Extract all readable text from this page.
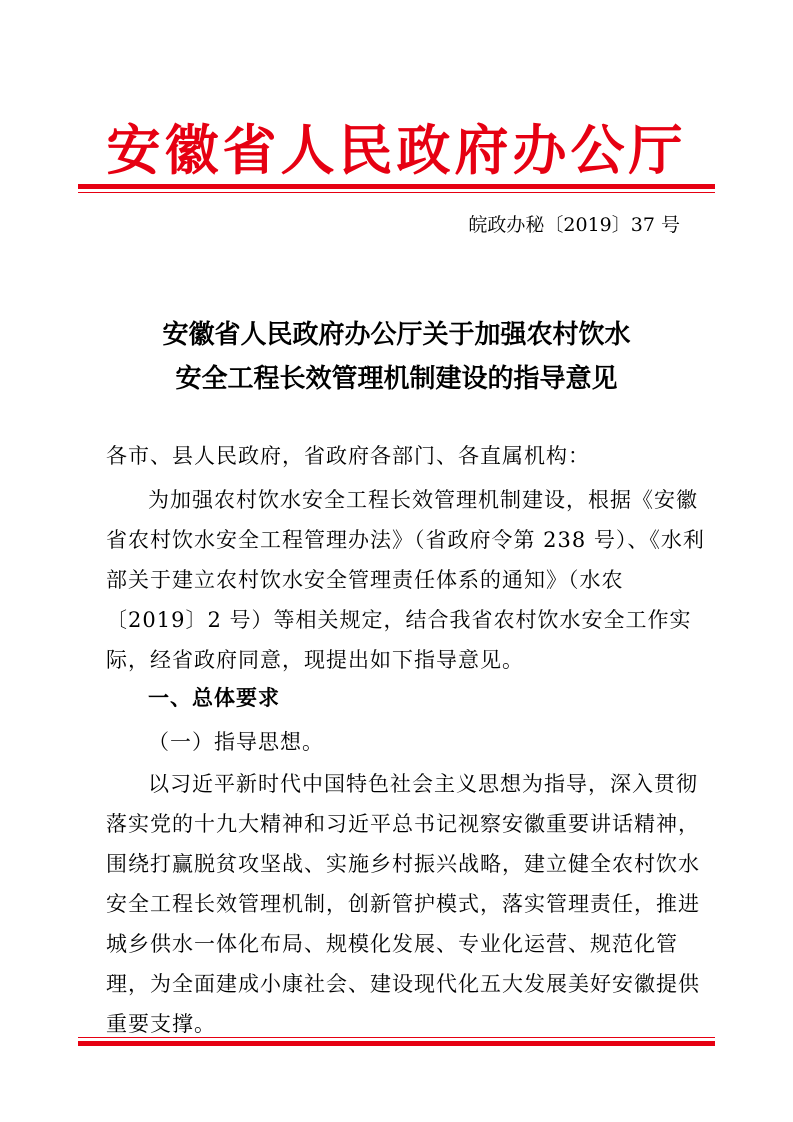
安徽省人民政府办公厅
皖政办秘〔2019〕37 号
安徽省人民政府办公厅关于加强农村饮水
安全工程长效管理机制建设的指导意见
各市、县人民政府，省政府各部门、各直属机构：
为加强农村饮水安全工程长效管理机制建设，根据《安徽省农村饮水安全工程管理办法》（省政府令第 238 号）、《水利部关于建立农村饮水安全管理责任体系的通知》（水农〔2019〕2 号）等相关规定，结合我省农村饮水安全工作实际，经省政府同意，现提出如下指导意见。
一、总体要求
（一）指导思想。
以习近平新时代中国特色社会主义思想为指导，深入贯彻落实党的十九大精神和习近平总书记视察安徽重要讲话精神，围绕打赢脱贫攻坚战、实施乡村振兴战略，建立健全农村饮水安全工程长效管理机制，创新管护模式，落实管理责任，推进城乡供水一体化布局、规模化发展、专业化运营、规范化管理，为全面建成小康社会、建设现代化五大发展美好安徽提供重要支撑。
